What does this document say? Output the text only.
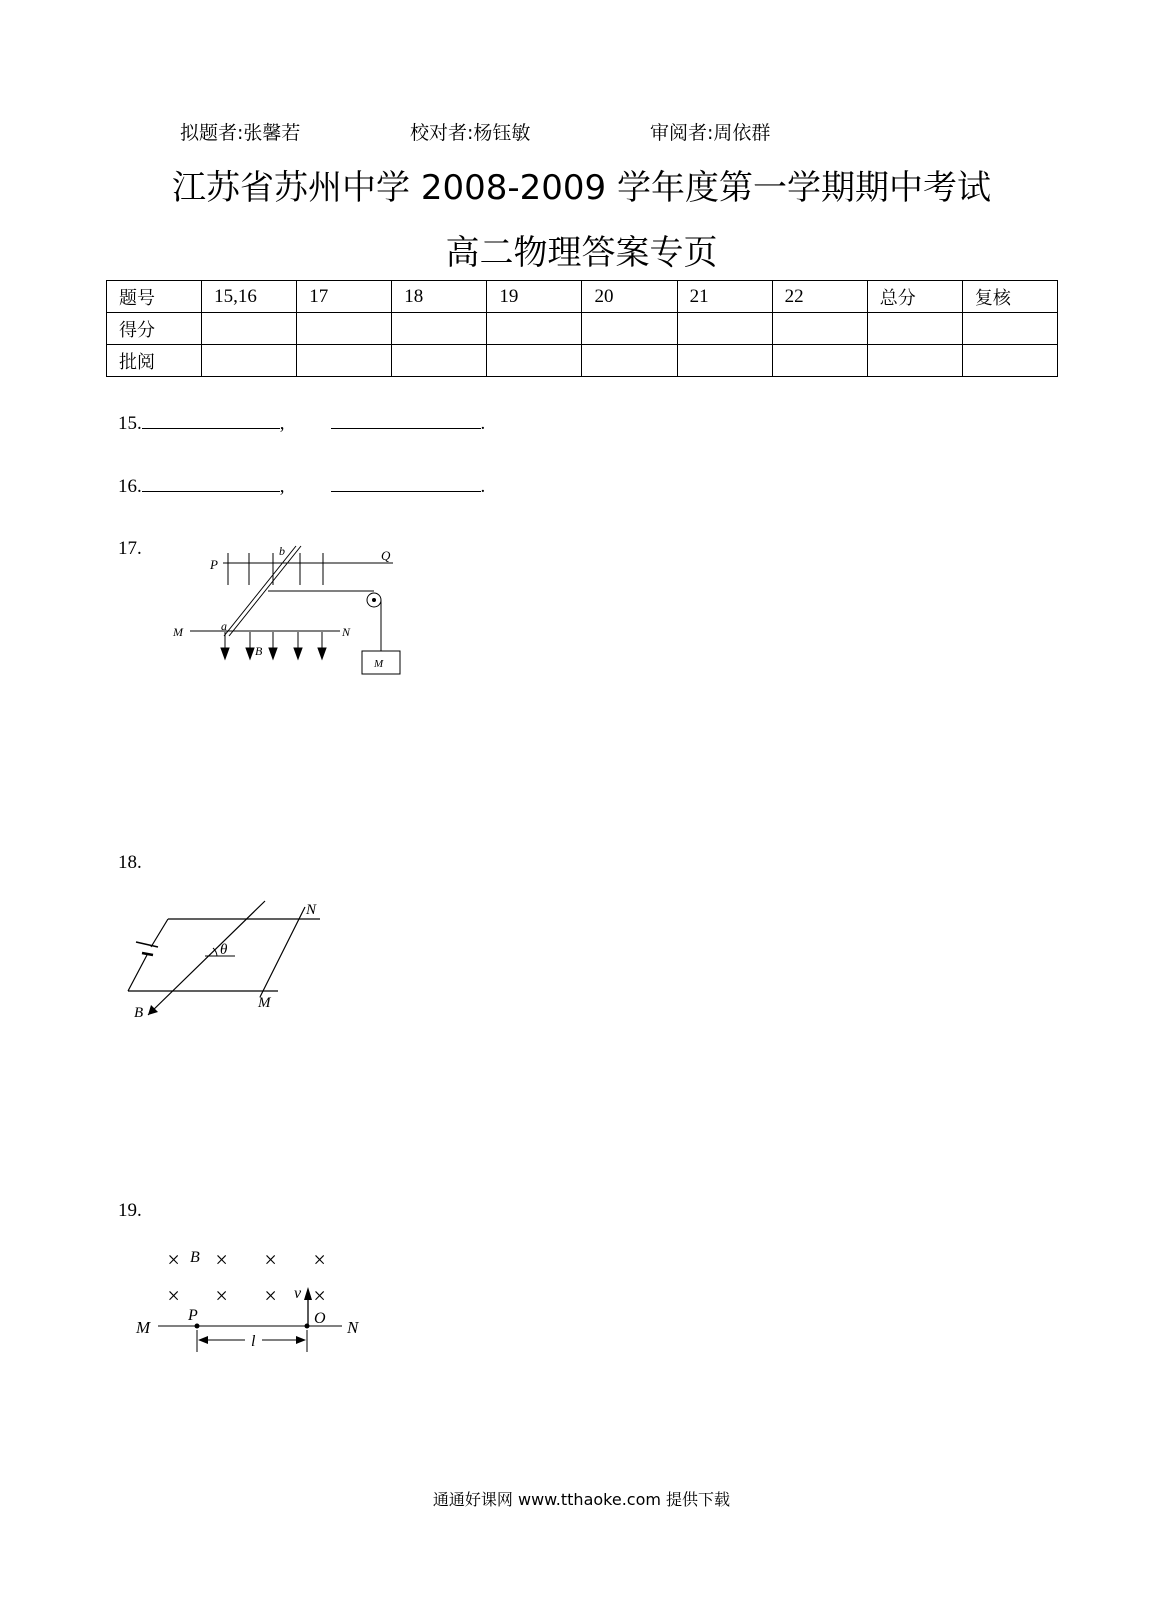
拟题者:张馨若	校对者:杨钰敏	审阅者:周依群
江苏省苏州中学 2008-2009 学年度第一学期期中考试
高二物理答案专页
题号	15,16	17	18	19	20	21	22	总分	复核
得分									
批阅									
15.	,	.
16.	,	.
17.
P
Q
M	N
a
b
B
M
18.
N
M
B
θ
19.
× × × ×
× × × ×
B
M	N
P	O
v
l
通通好课网 www.tthaoke.com 提供下载
